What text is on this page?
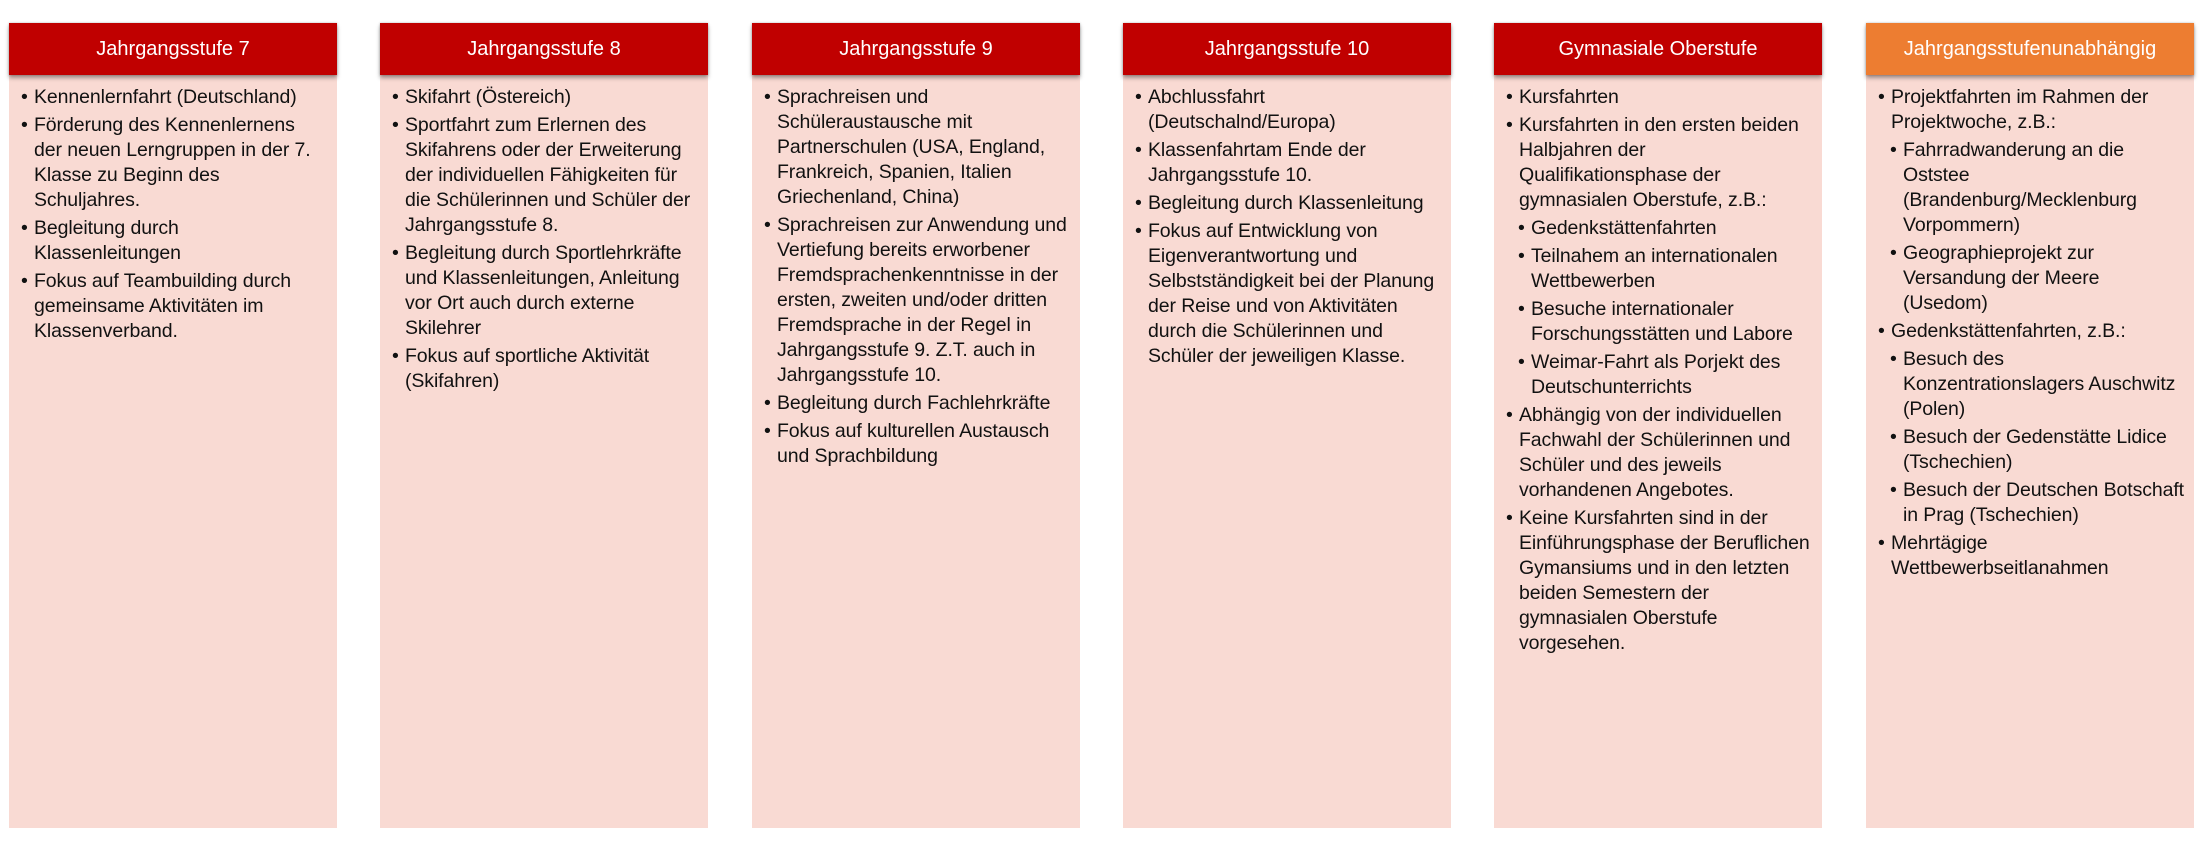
Jahrgangsstufe 7
• Kennenlernfahrt (Deutschland)
• Förderung des Kennenlernens der neuen Lerngruppen in der 7. Klasse zu Beginn des Schuljahres.
• Begleitung durch Klassenleitungen
• Fokus auf Teambuilding durch gemeinsame Aktivitäten im Klassenverband.
Jahrgangsstufe 8
• Skifahrt (Östereich)
• Sportfahrt zum Erlernen des Skifahrens oder der Erweiterung der individuellen Fähigkeiten für die Schülerinnen und Schüler der Jahrgangsstufe 8.
• Begleitung durch Sportlehrkräfte und Klassenleitungen, Anleitung vor Ort auch durch externe Skilehrer
• Fokus auf sportliche Aktivität (Skifahren)
Jahrgangsstufe 9
• Sprachreisen und Schüleraustausche mit Partnerschulen (USA, England, Frankreich, Spanien, Italien Griechenland, China)
• Sprachreisen zur Anwendung und Vertiefung bereits erworbener Fremdsprachenkenntnisse in der ersten, zweiten und/oder dritten Fremdsprache in der Regel in Jahrgangsstufe 9. Z.T. auch in Jahrgangsstufe 10.
• Begleitung durch Fachlehrkräfte
• Fokus auf kulturellen Austausch und Sprachbildung
Jahrgangsstufe 10
• Abchlussfahrt (Deutschalnd/Europa)
• Klassenfahrtam Ende der Jahrgangsstufe 10.
• Begleitung durch Klassenleitung
• Fokus auf Entwicklung von Eigenverantwortung und Selbstständigkeit bei der Planung der Reise und von Aktivitäten durch die Schülerinnen und Schüler der jeweiligen Klasse.
Gymnasiale Oberstufe
• Kursfahrten
• Kursfahrten in den ersten beiden Halbjahren der Qualifikationsphase der gymnasialen Oberstufe, z.B.:
• Gedenkstättenfahrten
• Teilnahem an internationalen Wettbewerben
• Besuche internationaler Forschungsstätten und Labore
• Weimar-Fahrt als Porjekt des Deutschunterrichts
• Abhängig von der individuellen Fachwahl der Schülerinnen und Schüler und des jeweils vorhandenen Angebotes.
• Keine Kursfahrten sind in der Einführungsphase der Beruflichen Gymansiums und in den letzten beiden Semestern der gymnasialen Oberstufe vorgesehen.
Jahrgangsstufenunabhängig
• Projektfahrten im Rahmen der Projektwoche, z.B.:
• Fahrradwanderung an die Oststee (Brandenburg/Mecklenburg Vorpommern)
• Geographieprojekt zur Versandung der Meere (Usedom)
• Gedenkstättenfahrten, z.B.:
• Besuch des Konzentrationslagers Auschwitz (Polen)
• Besuch der Gedenstätte Lidice (Tschechien)
• Besuch der Deutschen Botschaft in Prag (Tschechien)
• Mehrtägige Wettbewerbseitlanahmen
